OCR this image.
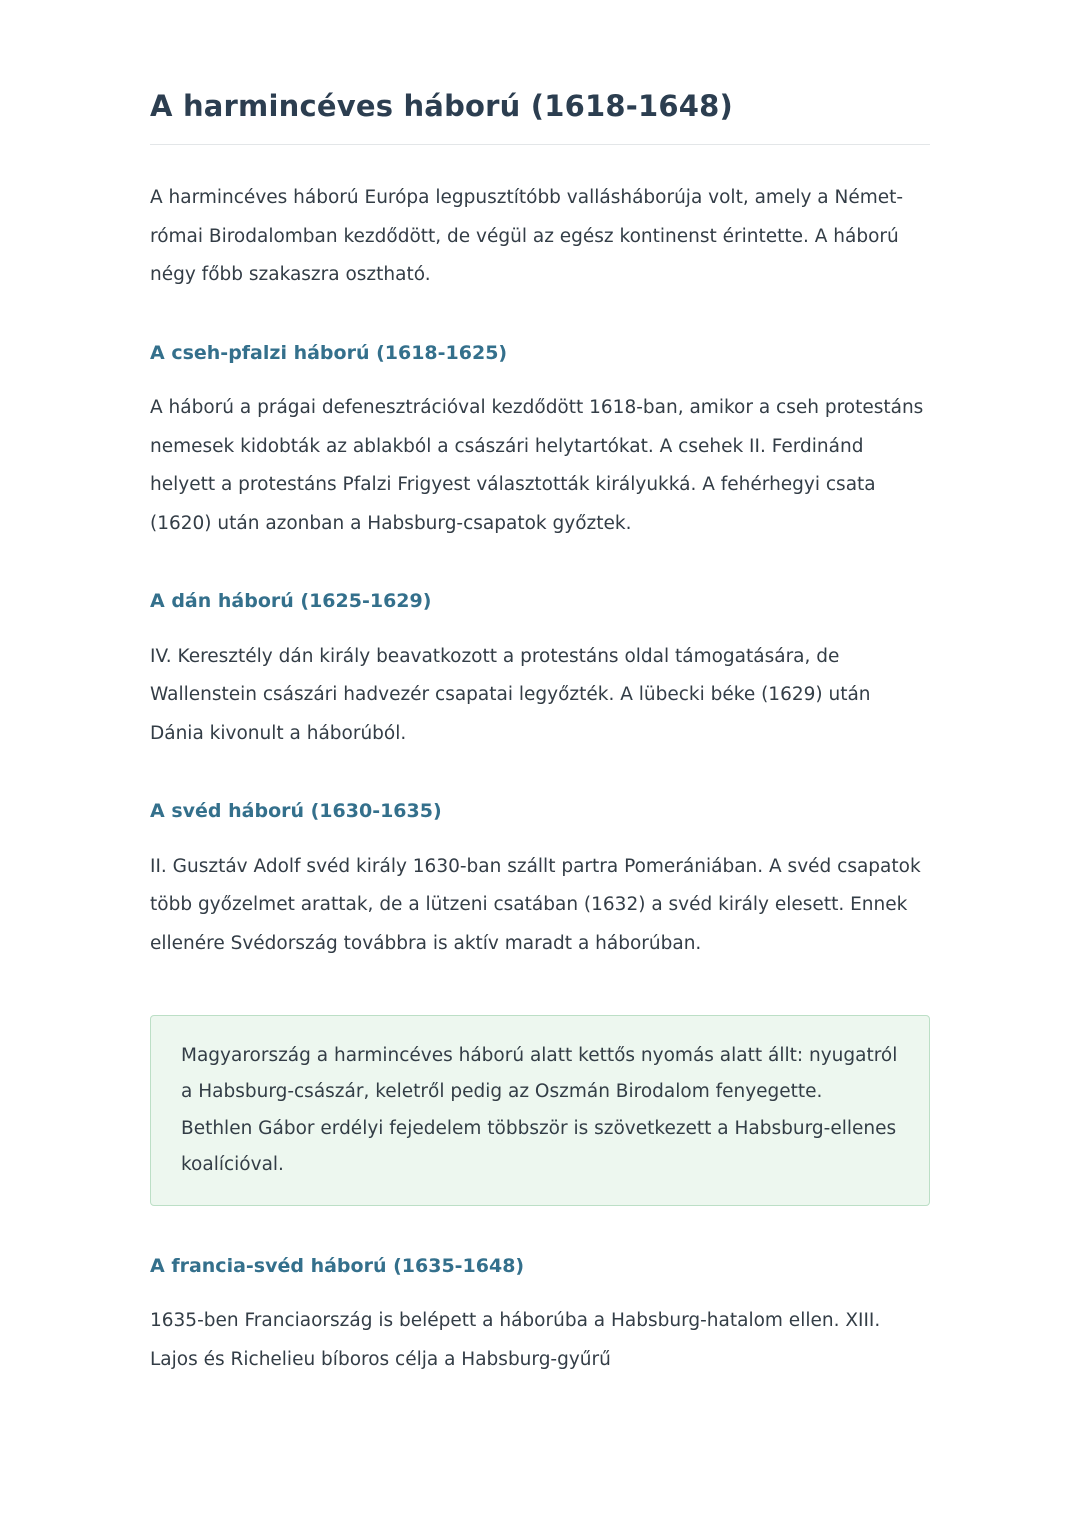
A harmincéves háború (1618-1648)

A harmincéves háború Európa legpusztítóbb vallásháborúja volt, amely a Német-római Birodalomban kezdődött, de végül az egész kontinenst érintette. A háború négy főbb szakaszra osztható.

A cseh-pfalzi háború (1618-1625)

A háború a prágai defenesztrációval kezdődött 1618-ban, amikor a cseh protestáns nemesek kidobták az ablakból a császári helytartókat. A csehek II. Ferdinánd helyett a protestáns Pfalzi Frigyest választották királyukká. A fehérhegyi csata (1620) után azonban a Habsburg-csapatok győztek.

A dán háború (1625-1629)

IV. Keresztély dán király beavatkozott a protestáns oldal támogatására, de Wallenstein császári hadvezér csapatai legyőzték. A lübecki béke (1629) után Dánia kivonult a háborúból.

A svéd háború (1630-1635)

II. Gusztáv Adolf svéd király 1630-ban szállt partra Pomerániában. A svéd csapatok több győzelmet arattak, de a lützeni csatában (1632) a svéd király elesett. Ennek ellenére Svédország továbbra is aktív maradt a háborúban.

Magyarország a harmincéves háború alatt kettős nyomás alatt állt: nyugatról a Habsburg-császár, keletről pedig az Oszmán Birodalom fenyegette. Bethlen Gábor erdélyi fejedelem többször is szövetkezett a Habsburg-ellenes koalícióval.

A francia-svéd háború (1635-1648)

1635-ben Franciaország is belépett a háborúba a Habsburg-hatalom ellen. XIII. Lajos és Richelieu bíboros célja a Habsburg-gyűrű
